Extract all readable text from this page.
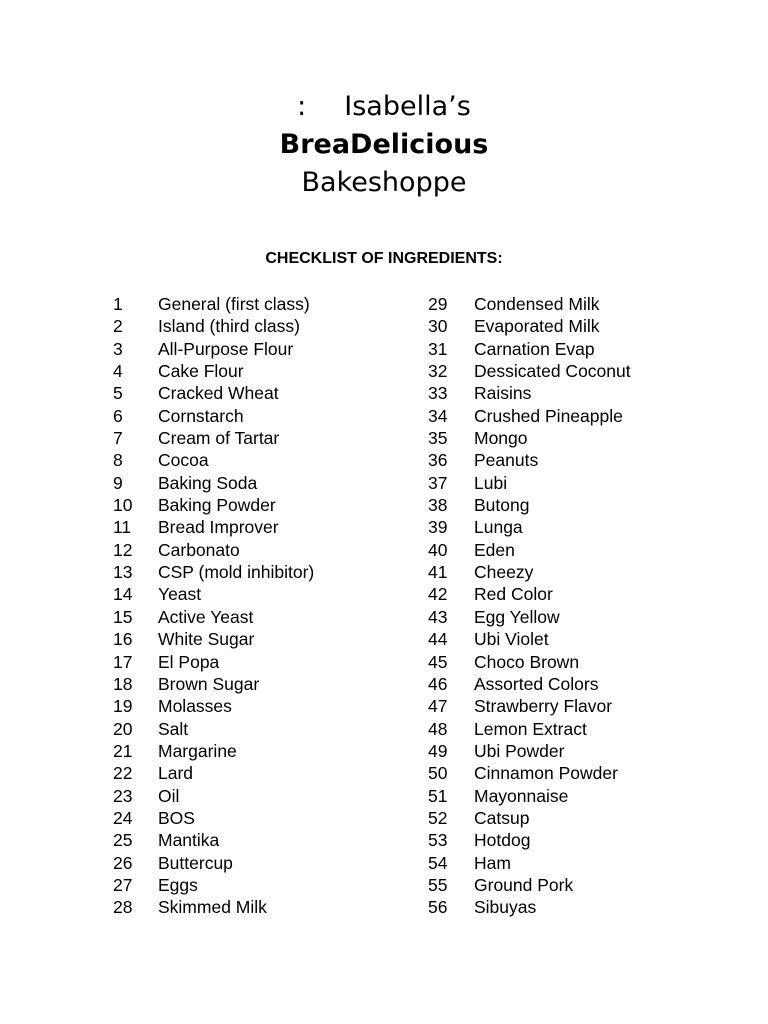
: Isabella’s
BreaDelicious
Bakeshoppe
CHECKLIST OF INGREDIENTS:
1	General (first class)
2	Island (third class)
3	All-Purpose Flour
4	Cake Flour
5	Cracked Wheat
6	Cornstarch
7	Cream of Tartar
8	Cocoa
9	Baking Soda
10	Baking Powder
11	Bread Improver
12	Carbonato
13	CSP (mold inhibitor)
14	Yeast
15	Active Yeast
16	White Sugar
17	El Popa
18	Brown Sugar
19	Molasses
20	Salt
21	Margarine
22	Lard
23	Oil
24	BOS
25	Mantika
26	Buttercup
27	Eggs
28	Skimmed Milk
29	Condensed Milk
30	Evaporated Milk
31	Carnation Evap
32	Dessicated Coconut
33	Raisins
34	Crushed Pineapple
35	Mongo
36	Peanuts
37	Lubi
38	Butong
39	Lunga
40	Eden
41	Cheezy
42	Red Color
43	Egg Yellow
44	Ubi Violet
45	Choco Brown
46	Assorted Colors
47	Strawberry Flavor
48	Lemon Extract
49	Ubi Powder
50	Cinnamon Powder
51	Mayonnaise
52	Catsup
53	Hotdog
54	Ham
55	Ground Pork
56	Sibuyas
